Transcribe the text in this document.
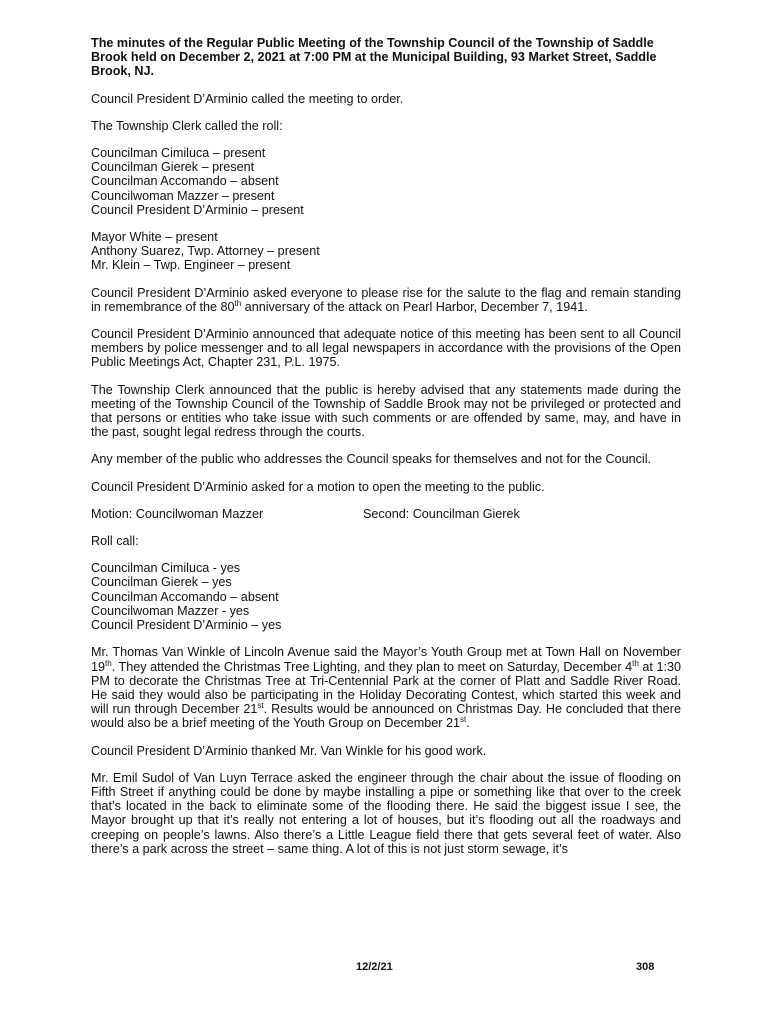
The minutes of the Regular Public Meeting of the Township Council of the Township of Saddle Brook held on December 2, 2021 at 7:00 PM at the Municipal Building, 93 Market Street, Saddle Brook, NJ.

Council President D’Arminio called the meeting to order.

The Township Clerk called the roll:

Councilman Cimiluca – present
Councilman Gierek – present
Councilman Accomando – absent
Councilwoman Mazzer – present
Council President D’Arminio – present
Mayor White – present
Anthony Suarez, Twp. Attorney – present
Mr. Klein – Twp. Engineer – present

Council President D’Arminio asked everyone to please rise for the salute to the flag and remain standing in remembrance of the 80th anniversary of the attack on Pearl Harbor, December 7, 1941.

Council President D’Arminio announced that adequate notice of this meeting has been sent to all Council members by police messenger and to all legal newspapers in accordance with the provisions of the Open Public Meetings Act, Chapter 231, P.L. 1975.

The Township Clerk announced that the public is hereby advised that any statements made during the meeting of the Township Council of the Township of Saddle Brook may not be privileged or protected and that persons or entities who take issue with such comments or are offended by same, may, and have in the past, sought legal redress through the courts.

Any member of the public who addresses the Council speaks for themselves and not for the Council.

Council President D’Arminio asked for a motion to open the meeting to the public.

Motion: Councilwoman Mazzer	Second: Councilman Gierek

Roll call:

Councilman Cimiluca - yes
Councilman Gierek – yes
Councilman Accomando – absent
Councilwoman Mazzer - yes
Council President D’Arminio – yes

Mr. Thomas Van Winkle of Lincoln Avenue said the Mayor’s Youth Group met at Town Hall on November 19th. They attended the Christmas Tree Lighting, and they plan to meet on Saturday, December 4th at 1:30 PM to decorate the Christmas Tree at Tri-Centennial Park at the corner of Platt and Saddle River Road. He said they would also be participating in the Holiday Decorating Contest, which started this week and will run through December 21st. Results would be announced on Christmas Day. He concluded that there would also be a brief meeting of the Youth Group on December 21st.

Council President D’Arminio thanked Mr. Van Winkle for his good work.

Mr. Emil Sudol of Van Luyn Terrace asked the engineer through the chair about the issue of flooding on Fifth Street if anything could be done by maybe installing a pipe or something like that over to the creek that’s located in the back to eliminate some of the flooding there. He said the biggest issue I see, the Mayor brought up that it’s really not entering a lot of houses, but it’s flooding out all the roadways and creeping on people’s lawns. Also there’s a Little League field there that gets several feet of water. Also there’s a park across the street – same thing. A lot of this is not just storm sewage, it’s

12/2/21	308
